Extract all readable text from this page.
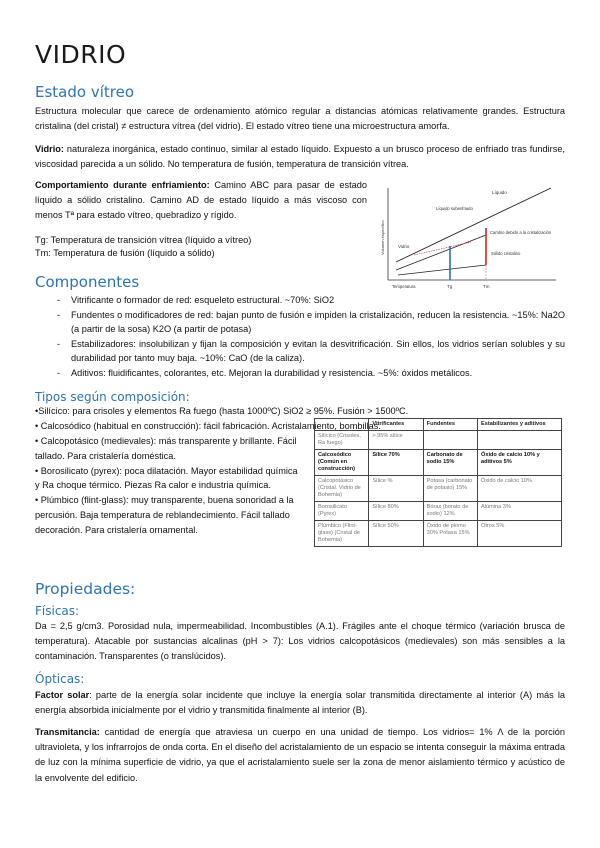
VIDRIO
Estado vítreo

Estructura molecular que carece de ordenamiento atómico regular a distancias atómicas relativamente grandes. Estructura cristalina (del cristal) ≠ estructura vítrea (del vidrio). El estado vítreo tiene una microestructura amorfa.

Vidrio: naturaleza inorgánica, estado continuo, similar al estado líquido. Expuesto a un brusco proceso de enfriado tras fundirse, viscosidad parecida a un sólido. No temperatura de fusión, temperatura de transición vítrea.

Comportamiento durante enfriamiento: Camino ABC para pasar de estado líquido a sólido cristalino. Camino AD de estado líquido a más viscoso con menos Tª para estado vítreo, quebradizo y rígido.

Tg: Temperatura de transición vítrea (líquido a vítreo)

Tm: Temperatura de fusión (líquido a sólido)

Líquido
Líquido subenfriado
Vidrio
Sólido cristalino
Cambio debido a la cristalización
Volumen específico
Temperatura	Tg	Tm
Componentes
- Vitrificante o formador de red: esqueleto estructural. ~70%: SiO2
- Fundentes o modificadores de red: bajan punto de fusión e impiden la cristalización, reducen la resistencia. ~15%: Na2O (a partir de la sosa) K2O (a partir de potasa)
- Estabilizadores: insolubilizan y fijan la composición y evitan la desvitrificación. Sin ellos, los vidrios serían solubles y su durabilidad por tanto muy baja. ~10%: CaO (de la caliza).
- Aditivos: fluidificantes, colorantes, etc. Mejoran la durabilidad y resistencia. ~5%: óxidos metálicos.
Tipos según composición:
•Silícico: para crisoles y elementos Ra fuego (hasta 1000ºC) SiO2 ≥ 95%. Fusión > 1500ºC.
• Calcosódico (habitual en construcción): fácil fabricación. Acristalamiento, bombillas.
• Calcopotásico (medievales): más transparente y brillante. Fácil tallado. Para cristalería doméstica.
• Borosilicato (pyrex): poca dilatación. Mayor estabilidad química y Ra choque térmico. Piezas Ra calor e industria química.
• Plúmbico (flint-glass): muy transparente, buena sonoridad a la percusión. Baja temperatura de reblandecimiento. Fácil tallado decoración. Para cristalería ornamental.
	Vitrificantes	Fundentes	Estabilizantes y aditivos
Silícico (Crisoles, Ra fuego)	> 95% sílice		
Calcosódico (Común en construcción)	Sílice 70%	Carbonato de sodio 15%	Óxido de calcio 10% y aditivos 5%
Calcopotásico (Cristal. Vidrio de Bohemia)	Sílice %	Potasa (carbonato de potasio) 15%	Óxido de calcio 10%
Borosilicato (Pyrex)	Sílice 80%	Bórax (borato de sodio) 12%	Alúmina 3%
Plúmbico (Flint-glass) (Cristal de Bohemia)	Sílice 50%	Óxido de plomo 30% Potasa 15%	Otros 5%
Propiedades:
Físicas:

Da = 2,5 g/cm3. Porosidad nula, impermeabilidad. Incombustibles (A.1). Frágiles ante el choque térmico (variación brusca de temperatura). Atacable por sustancias alcalinas (pH > 7): Los vidrios calcopotásicos (medievales) son más sensibles a la contaminación. Transparentes (o translúcidos).

Ópticas:

Factor solar: parte de la energía solar incidente que incluye la energía solar transmitida directamente al interior (A) más la energía absorbida inicialmente por el vidrio y transmitida finalmente al interior (B).

Transmitancia: cantidad de energía que atraviesa un cuerpo en una unidad de tiempo. Los vidrios= 1% Λ de la porción ultravioleta, y los infrarrojos de onda corta. En el diseño del acristalamiento de un espacio se intenta conseguir la máxima entrada de luz con la mínima superficie de vidrio, ya que el acristalamiento suele ser la zona de menor aislamiento térmico y acústico de la envolvente del edificio.
